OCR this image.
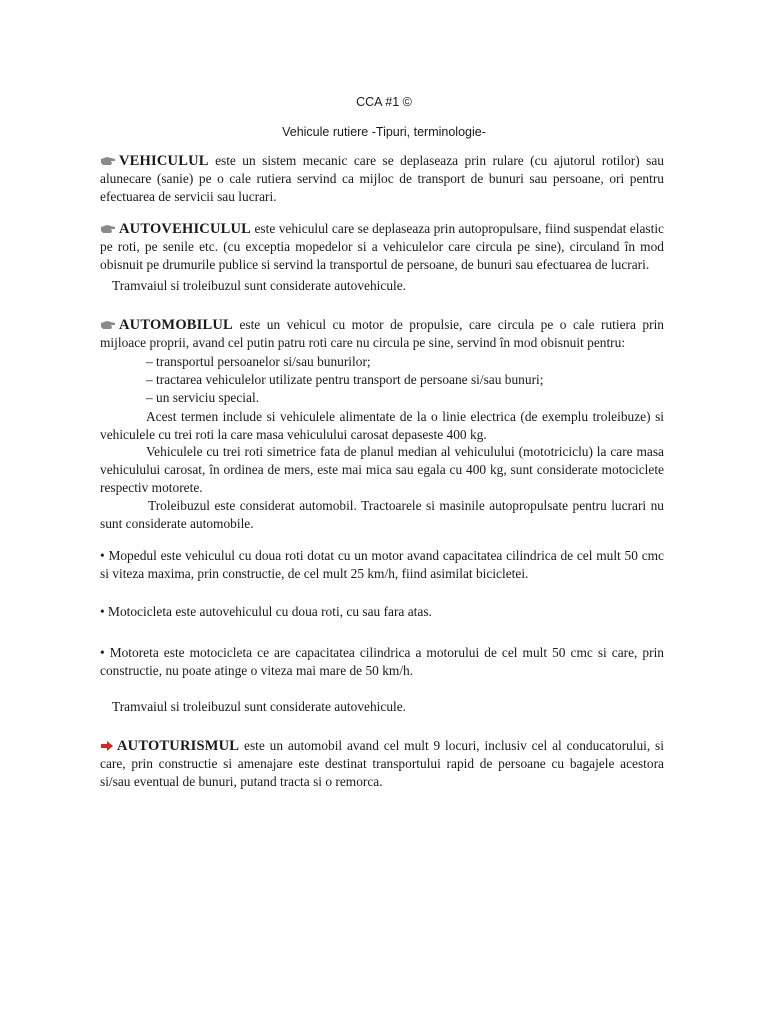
CCA #1 ©
Vehicule rutiere -Tipuri, terminologie-

VEHICULUL este un sistem mecanic care se deplaseaza prin rulare (cu ajutorul rotilor) sau alunecare (sanie) pe o cale rutiera servind ca mijloc de transport de bunuri sau persoane, ori pentru efectuarea de servicii sau lucrari.

AUTOVEHICULUL este vehiculul care se deplaseaza prin autopropulsare, fiind suspendat elastic pe roti, pe senile etc. (cu exceptia mopedelor si a vehiculelor care circula pe sine), circuland în mod obisnuit pe drumurile publice si servind la transportul de persoane, de bunuri sau efectuarea de lucrari.

Tramvaiul si troleibuzul sunt considerate autovehicule.

AUTOMOBILUL este un vehicul cu motor de propulsie, care circula pe o cale rutiera prin mijloace proprii, avand cel putin patru roti care nu circula pe sine, servind în mod obisnuit pentru:

– transportul persoanelor si/sau bunurilor;

– tractarea vehiculelor utilizate pentru transport de persoane si/sau bunuri;

– un serviciu special.

Acest termen include si vehiculele alimentate de la o linie electrica (de exemplu troleibuze) si vehiculele cu trei roti la care masa vehiculului carosat depaseste 400 kg.

Vehiculele cu trei roti simetrice fata de planul median al vehiculului (mototriciclu) la care masa vehiculului carosat, în ordinea de mers, este mai mica sau egala cu 400 kg, sunt considerate motociclete respectiv motorete.

Troleibuzul este considerat automobil. Tractoarele si masinile autopropulsate pentru lucrari nu sunt considerate automobile.

• Mopedul este vehiculul cu doua roti dotat cu un motor avand capacitatea cilindrica de cel mult 50 cmc si viteza maxima, prin constructie, de cel mult 25 km/h, fiind asimilat bicicletei.

• Motocicleta este autovehiculul cu doua roti, cu sau fara atas.

• Motoreta este motocicleta ce are capacitatea cilindrica a motorului de cel mult 50 cmc si care, prin constructie, nu poate atinge o viteza mai mare de 50 km/h.

Tramvaiul si troleibuzul sunt considerate autovehicule.

AUTOTURISMUL este un automobil avand cel mult 9 locuri, inclusiv cel al conducatorului, si care, prin constructie si amenajare este destinat transportului rapid de persoane cu bagajele acestora si/sau eventual de bunuri, putand tracta si o remorca.
